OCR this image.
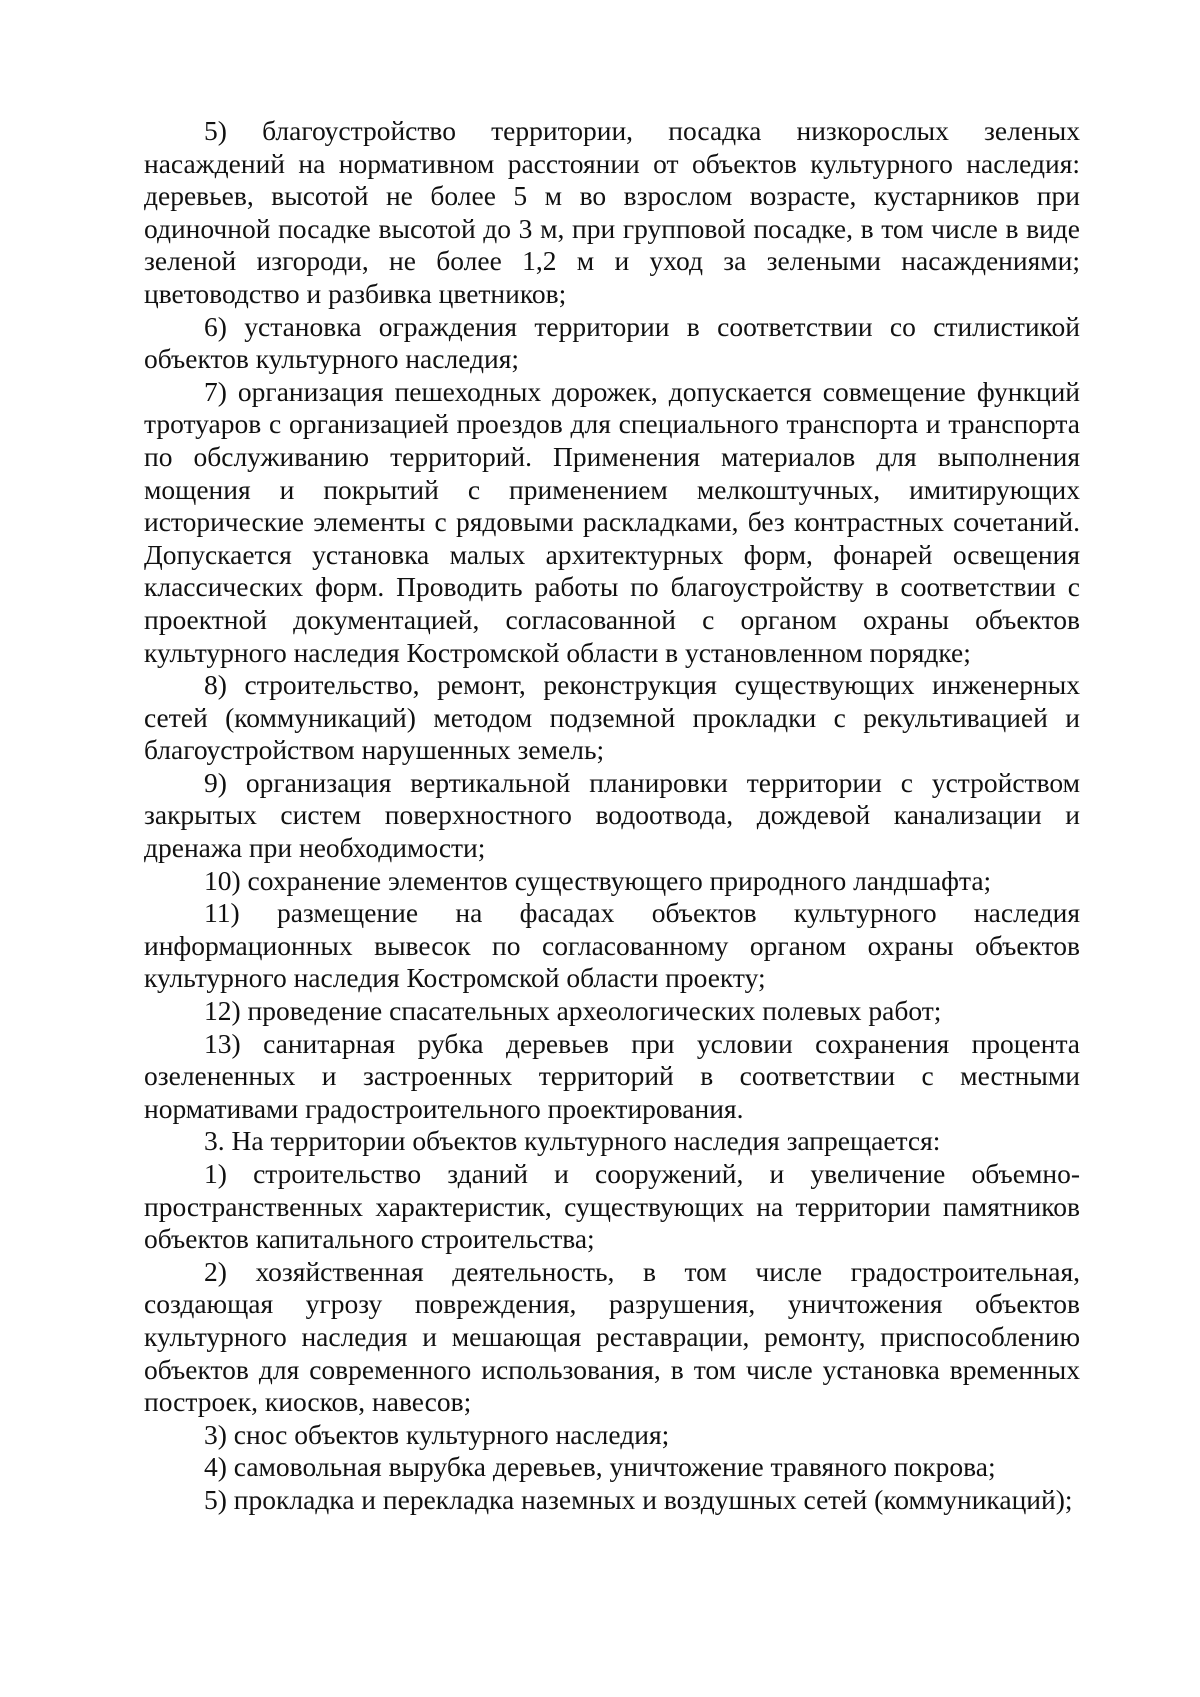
5) благоустройство территории, посадка низкорослых зеленых насаждений на нормативном расстоянии от объектов культурного наследия: деревьев, высотой не более 5 м во взрослом возрасте, кустарников при одиночной посадке высотой до 3 м, при групповой посадке, в том числе в виде зеленой изгороди, не более 1,2 м и уход за зелеными насаждениями; цветоводство и разбивка цветников;

6) установка ограждения территории в соответствии со стилистикой объектов культурного наследия;

7) организация пешеходных дорожек, допускается совмещение функций тротуаров с организацией проездов для специального транспорта и транспорта по обслуживанию территорий. Применения материалов для выполнения мощения и покрытий с применением мелкоштучных, имитирующих исторические элементы с рядовыми раскладками, без контрастных сочетаний. Допускается установка малых архитектурных форм, фонарей освещения классических форм. Проводить работы по благоустройству в соответствии с проектной документацией, согласованной с органом охраны объектов культурного наследия Костромской области в установленном порядке;

8) строительство, ремонт, реконструкция существующих инженерных сетей (коммуникаций) методом подземной прокладки с рекультивацией и благоустройством нарушенных земель;

9) организация вертикальной планировки территории с устройством закрытых систем поверхностного водоотвода, дождевой канализации и дренажа при необходимости;

10) сохранение элементов существующего природного ландшафта;

11) размещение на фасадах объектов культурного наследия информационных вывесок по согласованному органом охраны объектов культурного наследия Костромской области проекту;

12) проведение спасательных археологических полевых работ;

13) санитарная рубка деревьев при условии сохранения процента озелененных и застроенных территорий в соответствии с местными нормативами градостроительного проектирования.

3. На территории объектов культурного наследия запрещается:

1) строительство зданий и сооружений, и увеличение объемно-пространственных характеристик, существующих на территории памятников объектов капитального строительства;

2) хозяйственная деятельность, в том числе градостроительная, создающая угрозу повреждения, разрушения, уничтожения объектов культурного наследия и мешающая реставрации, ремонту, приспособлению объектов для современного использования, в том числе установка временных построек, киосков, навесов;

3) снос объектов культурного наследия;

4) самовольная вырубка деревьев, уничтожение травяного покрова;

5) прокладка и перекладка наземных и воздушных сетей (коммуникаций);
